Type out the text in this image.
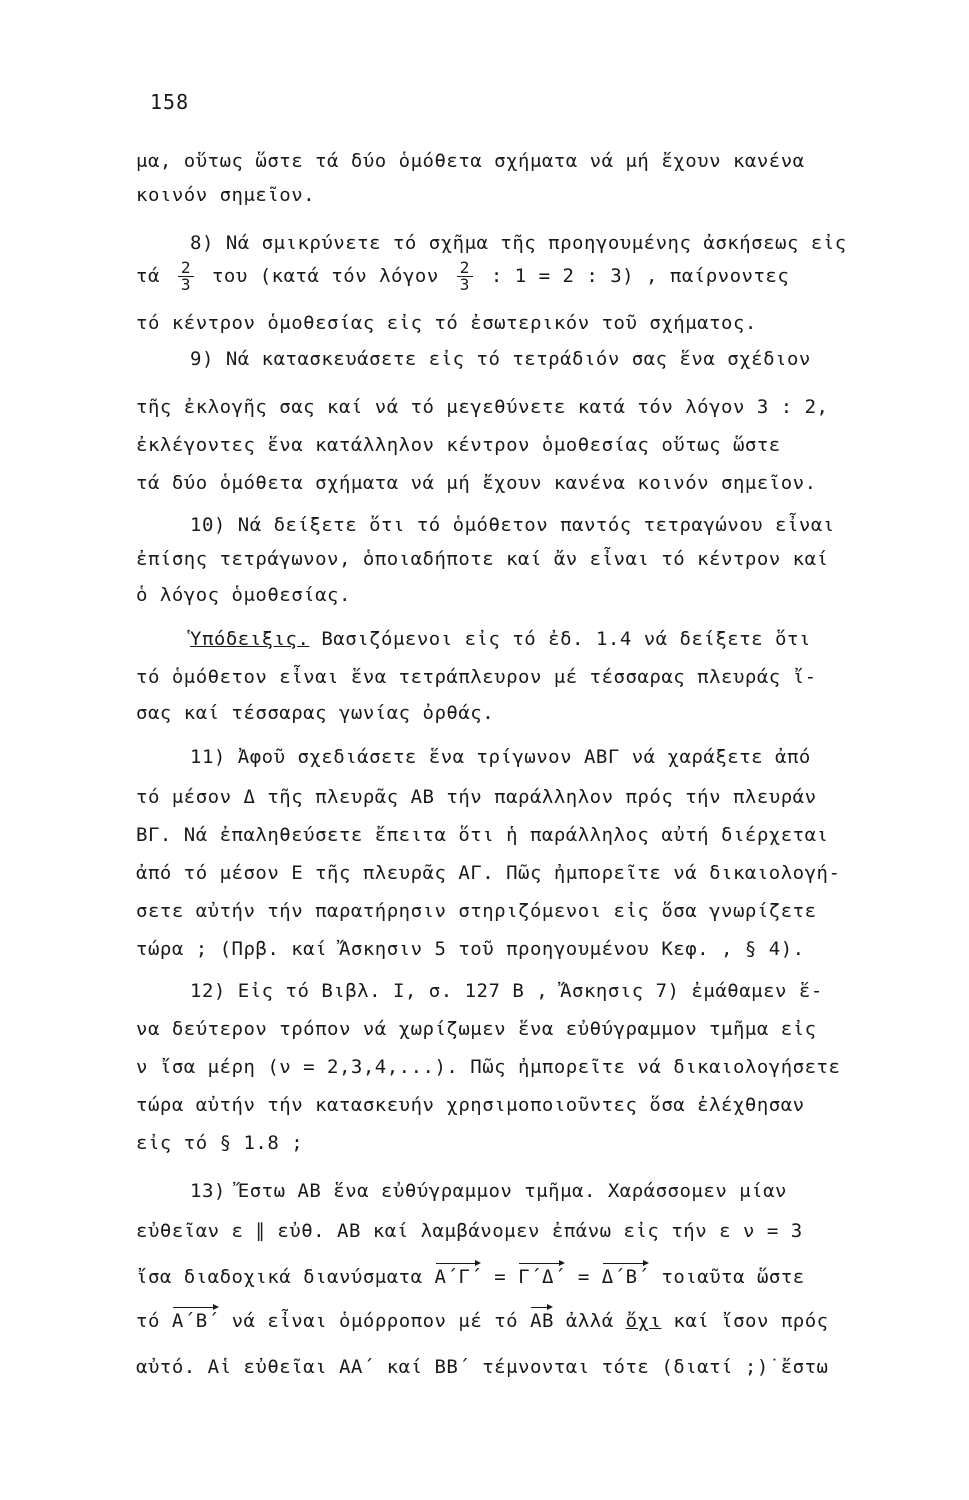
158
μα, οὕτως ὥστε τά δύο ὁμόθετα σχήματα νά μή ἔχουν κανένα
κοινόν σημεῖον.
8) Νά σμικρύνετε τό σχῆμα τῆς προηγουμένης ἀσκήσεως εἰς
τά $\frac{2}{3}$ του (κατά τόν λόγον $\frac{2}{3}$ : 1 = 2 : 3) , παίρνοντες
τό κέντρον ὁμοθεσίας εἰς τό ἐσωτερικόν τοῦ σχήματος.
9) Νά κατασκευάσετε εἰς τό τετράδιόν σας ἕνα σχέδιον
τῆς ἐκλογῆς σας καί νά τό μεγεθύνετε κατά τόν λόγον 3 : 2,
ἐκλέγοντες ἕνα κατάλληλον κέντρον ὁμοθεσίας οὕτως ὥστε
τά δύο ὁμόθετα σχήματα νά μή ἔχουν κανένα κοινόν σημεῖον.
10) Νά δείξετε ὅτι τό ὁμόθετον παντός τετραγώνου εἶναι
ἐπίσης τετράγωνον, ὁποιαδήποτε καί ἄν εἶναι τό κέντρον καί
ὁ λόγος ὁμοθεσίας.
Ὑπόδειξις. Βασιζόμενοι εἰς τό ἐδ. 1.4 νά δείξετε ὅτι
τό ὁμόθετον εἶναι ἕνα τετράπλευρον μέ τέσσαρας πλευράς ἴ-
σας καί τέσσαρας γωνίας ὀρθάς.
11) Ἀφοῦ σχεδιάσετε ἕνα τρίγωνον ΑΒΓ νά χαράξετε ἀπό
τό μέσον Δ τῆς πλευρᾶς ΑΒ τήν παράλληλον πρός τήν πλευράν
ΒΓ. Νά ἐπαληθεύσετε ἔπειτα ὅτι ἡ παράλληλος αὐτή διέρχεται
ἀπό τό μέσον Ε τῆς πλευρᾶς ΑΓ. Πῶς ἠμπορεῖτε νά δικαιολογή-
σετε αὐτήν τήν παρατήρησιν στηριζόμενοι εἰς ὅσα γνωρίζετε
τώρα ; (Πρβ. καί Ἄσκησιν 5 τοῦ προηγουμένου Κεφ. , § 4).
12) Εἰς τό Βιβλ. Ι, σ. 127 Β , Ἄσκησις 7) ἐμάθαμεν ἕ-
να δεύτερον τρόπον νά χωρίζωμεν ἕνα εὐθύγραμμον τμῆμα εἰς
ν ἴσα μέρη (ν = 2,3,4,...). Πῶς ἠμπορεῖτε νά δικαιολογήσετε
τώρα αὐτήν τήν κατασκευήν χρησιμοποιοῦντες ὅσα ἐλέχθησαν
εἰς τό § 1.8 ;
13) Ἔστω ΑΒ ἕνα εὐθύγραμμον τμῆμα. Χαράσσομεν μίαν
εὐθεῖαν ε ∥ εὐθ. ΑΒ καί λαμβάνομεν ἐπάνω εἰς τήν ε ν = 3
ἴσα διαδοχικά διανύσματα Α΄Γ΄ = Γ΄Δ΄ = Δ΄Β΄ τοιαῦτα ὥστε
τό Α΄Β΄ νά εἶναι ὁμόρροπον μέ τό ΑΒ ἀλλά ὄχι καί ἴσον πρός
αὐτό. Αἱ εὐθεῖαι ΑΑ΄ καί ΒΒ΄ τέμνονται τότε (διατί ;)˙ἔστω
